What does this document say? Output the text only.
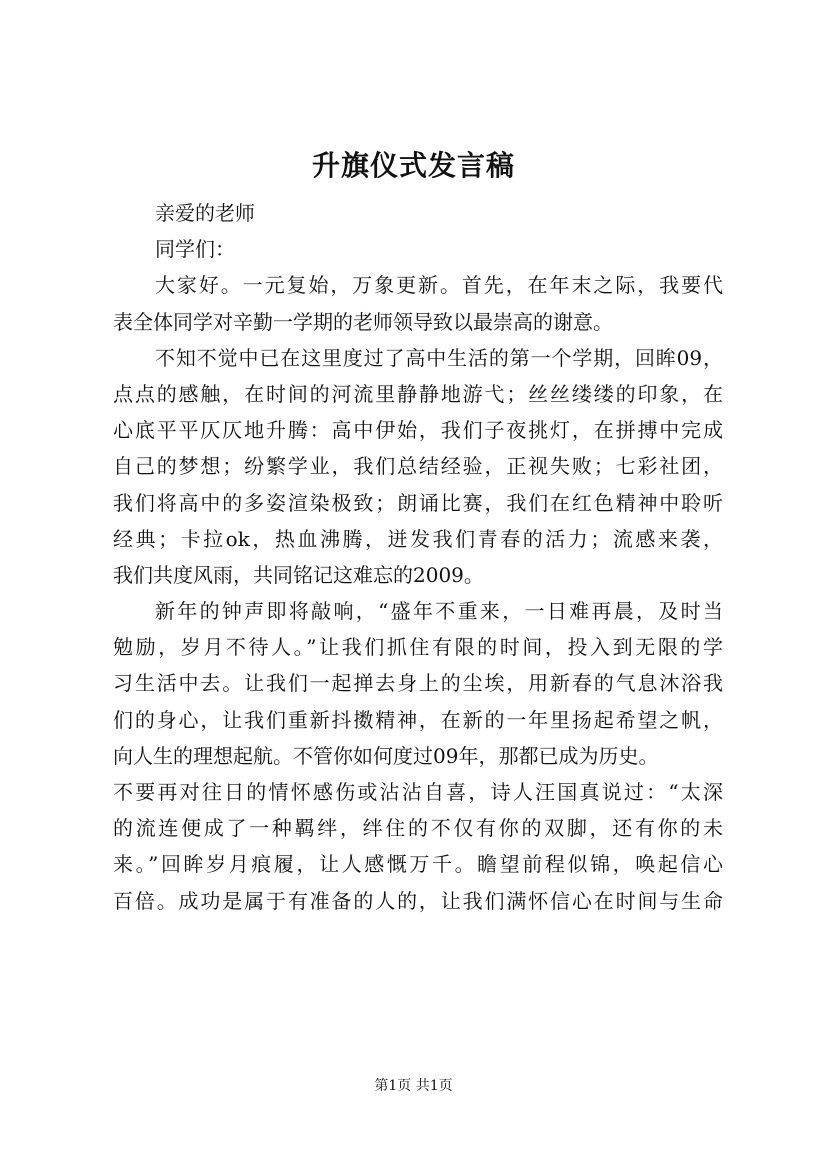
升旗仪式发言稿
亲爱的老师
同学们：
大家好。一元复始，万象更新。首先，在年末之际，我要代
表全体同学对辛勤一学期的老师领导致以最崇高的谢意。
不知不觉中已在这里度过了高中生活的第一个学期，回眸09，
点点的感触，在时间的河流里静静地游弋；丝丝缕缕的印象，在
心底平平仄仄地升腾：高中伊始，我们子夜挑灯，在拼搏中完成
自己的梦想；纷繁学业，我们总结经验，正视失败；七彩社团，
我们将高中的多姿渲染极致；朗诵比赛，我们在红色精神中聆听
经典；卡拉ok，热血沸腾，迸发我们青春的活力；流感来袭，
我们共度风雨，共同铭记这难忘的2009。
新年的钟声即将敲响，“盛年不重来，一日难再晨，及时当
勉励，岁月不待人。”让我们抓住有限的时间，投入到无限的学
习生活中去。让我们一起掸去身上的尘埃，用新春的气息沐浴我
们的身心，让我们重新抖擞精神，在新的一年里扬起希望之帆，
向人生的理想起航。不管你如何度过09年，那都已成为历史。
不要再对往日的情怀感伤或沾沾自喜，诗人汪国真说过：“太深
的流连便成了一种羁绊，绊住的不仅有你的双脚，还有你的未
来。”回眸岁月痕履，让人感慨万千。瞻望前程似锦，唤起信心
百倍。成功是属于有准备的人的，让我们满怀信心在时间与生命
第1页 共1页
